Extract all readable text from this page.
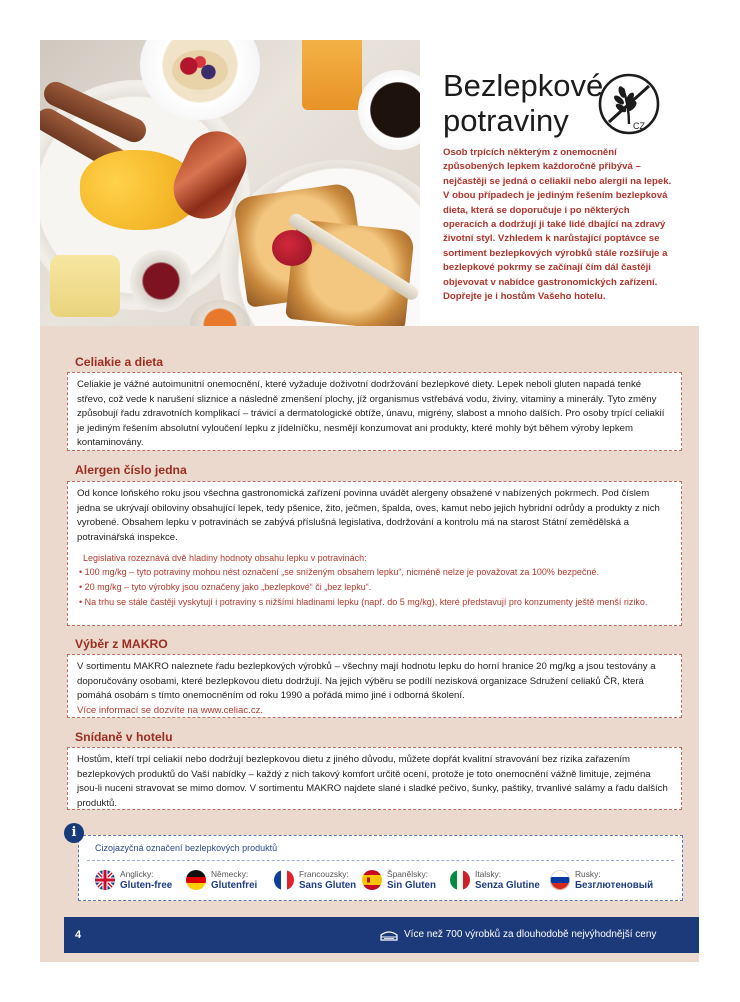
Bezlepkové
potraviny	CZ

Osob trpících některým z onemocnění způsobených lepkem každoročně přibývá – nejčastěji se jedná o celiakii nebo alergii na lepek. V obou případech je jediným řešením bezlepková dieta, která se doporučuje i po některých operacích a dodržují ji také lidé dbající na zdravý životní styl. Vzhledem k narůstající poptávce se sortiment bezlepkových výrobků stále rozšiřuje a bezlepkové pokrmy se začínají čím dál častěji objevovat v nabídce gastronomických zařízení. Dopřejte je i hostům Vašeho hotelu.

Celiakie a dieta

Celiakie je vážné autoimunitní onemocnění, které vyžaduje doživotní dodržování bezlepkové diety. Lepek neboli gluten napadá tenké střevo, což vede k narušení sliznice a následně zmenšení plochy, jíž organismus vstřebává vodu, živiny, vitaminy a minerály. Tyto změny způsobují řadu zdravotních komplikací – trávicí a dermatologické obtíže, únavu, migrény, slabost a mnoho dalších. Pro osoby trpící celiakií je jediným řešením absolutní vyloučení lepku z jídelníčku, nesmějí konzumovat ani produkty, které mohly být během výroby lepkem kontaminovány.

Alergen číslo jedna

Od konce loňského roku jsou všechna gastronomická zařízení povinna uvádět alergeny obsažené v nabízených pokrmech. Pod číslem jedna se ukrývají obiloviny obsahující lepek, tedy pšenice, žito, ječmen, špalda, oves, kamut nebo jejich hybridní odrůdy a produkty z nich vyrobené. Obsahem lepku v potravinách se zabývá příslušná legislativa, dodržování a kontrolu má na starost Státní zemědělská a potravinářská inspekce.

Legislativa rozeznává dvě hladiny hodnoty obsahu lepku v potravinách:
• 100 mg/kg – tyto potraviny mohou nést označení „se sníženým obsahem lepku“, nicméně nelze je považovat za 100% bezpečné.
• 20 mg/kg – tyto výrobky jsou označeny jako „bezlepkové“ či „bez lepku“.
• Na trhu se stále častěji vyskytují i potraviny s nižšími hladinami lepku (např. do 5 mg/kg), které představují pro konzumenty ještě menší riziko.
Výběr z MAKRO

V sortimentu MAKRO naleznete řadu bezlepkových výrobků – všechny mají hodnotu lepku do horní hranice 20 mg/kg a jsou testovány a doporučovány osobami, které bezlepkovou dietu dodržují. Na jejich výběru se podílí nezisková organizace Sdružení celiaků ČR, která pomáhá osobám s tímto onemocněním od roku 1990 a pořádá mimo jiné i odborná školení.

Více informací se dozvíte na www.celiac.cz.

Snídaně v hotelu

Hostům, kteří trpí celiakií nebo dodržují bezlepkovou dietu z jiného důvodu, můžete dopřát kvalitní stravování bez rizika zařazením bezlepkových produktů do Vaší nabídky – každý z nich takový komfort určitě ocení, protože je toto onemocnění vážně limituje, zejména jsou-li nuceni stravovat se mimo domov. V sortimentu MAKRO najdete slané i sladké pečivo, šunky, paštiky, trvanlivé salámy a řadu dalších produktů.

Cizojazyčná označení bezlepkových produktů
Anglicky:
Gluten-free
Německy:
Glutenfrei
Francouzsky:
Sans Gluten
Španělsky:
Sin Gluten
Italsky:
Senza Glutine
Rusky:
Безглютеновый
i
4	Více než 700 výrobků za dlouhodobě nejvýhodnější ceny
